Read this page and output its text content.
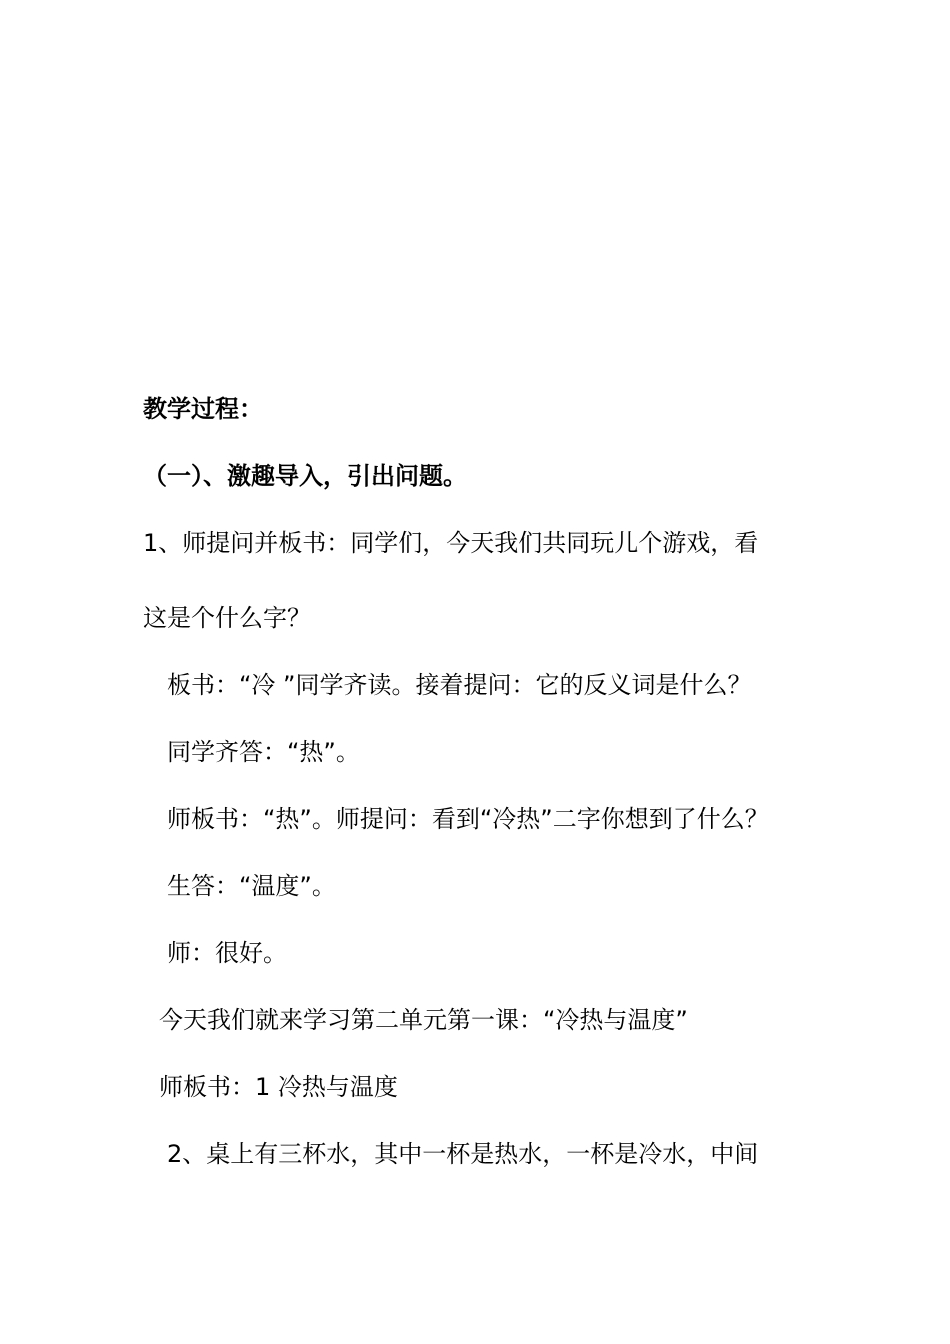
教学过程：
（一）、激趣导入，引出问题。
1、师提问并板书：同学们，今天我们共同玩儿个游戏，看
这是个什么字？
板书：“冷 ”同学齐读。接着提问：它的反义词是什么？
同学齐答：“热”。
师板书：“热”。师提问：看到“冷热”二字你想到了什么？
生答：“温度”。
师：很好。
今天我们就来学习第二单元第一课：“冷热与温度”
师板书：1 冷热与温度
2、桌上有三杯水，其中一杯是热水，一杯是冷水，中间
